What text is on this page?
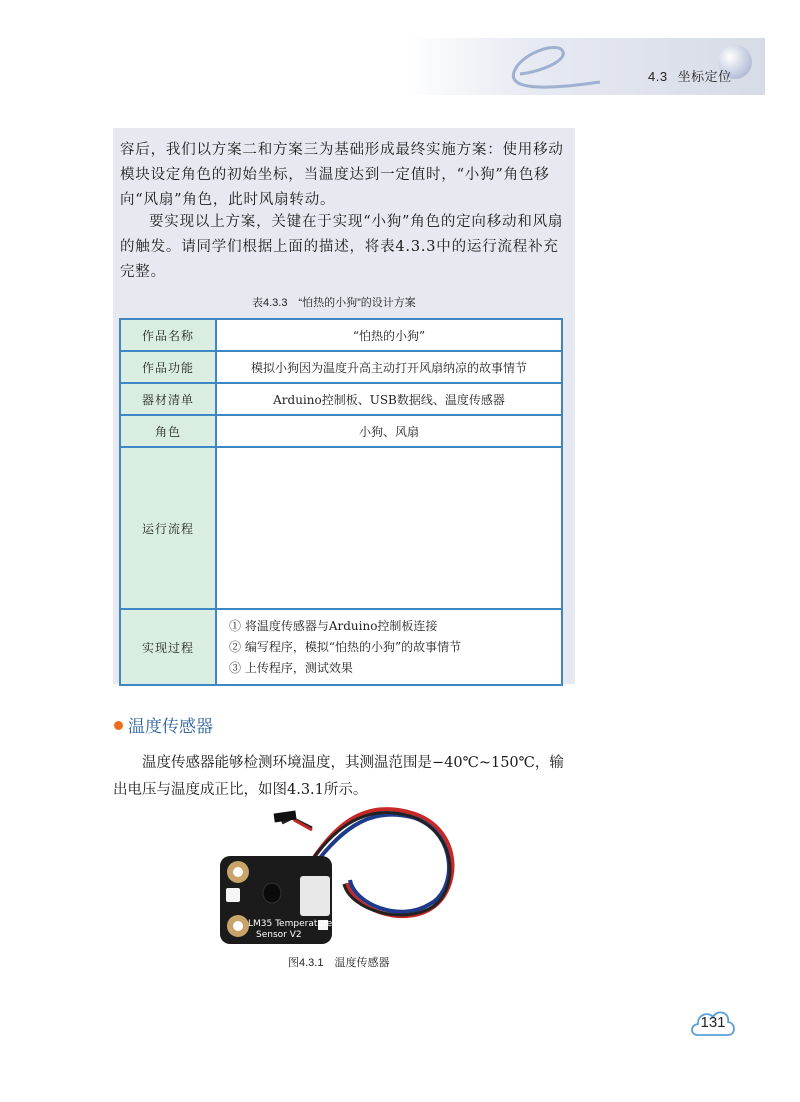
4.3 坐标定位

容后，我们以方案二和方案三为基础形成最终实施方案：使用移动模块设定角色的初始坐标，当温度达到一定值时，“小狗”角色移向“风扇”角色，此时风扇转动。

要实现以上方案，关键在于实现“小狗”角色的定向移动和风扇的触发。请同学们根据上面的描述，将表4.3.3中的运行流程补充完整。

表4.3.3　“怕热的小狗”的设计方案
作品名称	“怕热的小狗”
作品功能	模拟小狗因为温度升高主动打开风扇纳凉的故事情节
器材清单	Arduino控制板、USB数据线、温度传感器
角色	小狗、风扇
运行流程	
实现过程	① 将温度传感器与Arduino控制板连接
② 编写程序，模拟“怕热的小狗”的故事情节
③ 上传程序，测试效果
温度传感器

温度传感器能够检测环境温度，其测温范围是−40℃~150℃，输出电压与温度成正比，如图4.3.1所示。

LM35 Temperature
Sensor V2
图4.3.1　温度传感器
131
